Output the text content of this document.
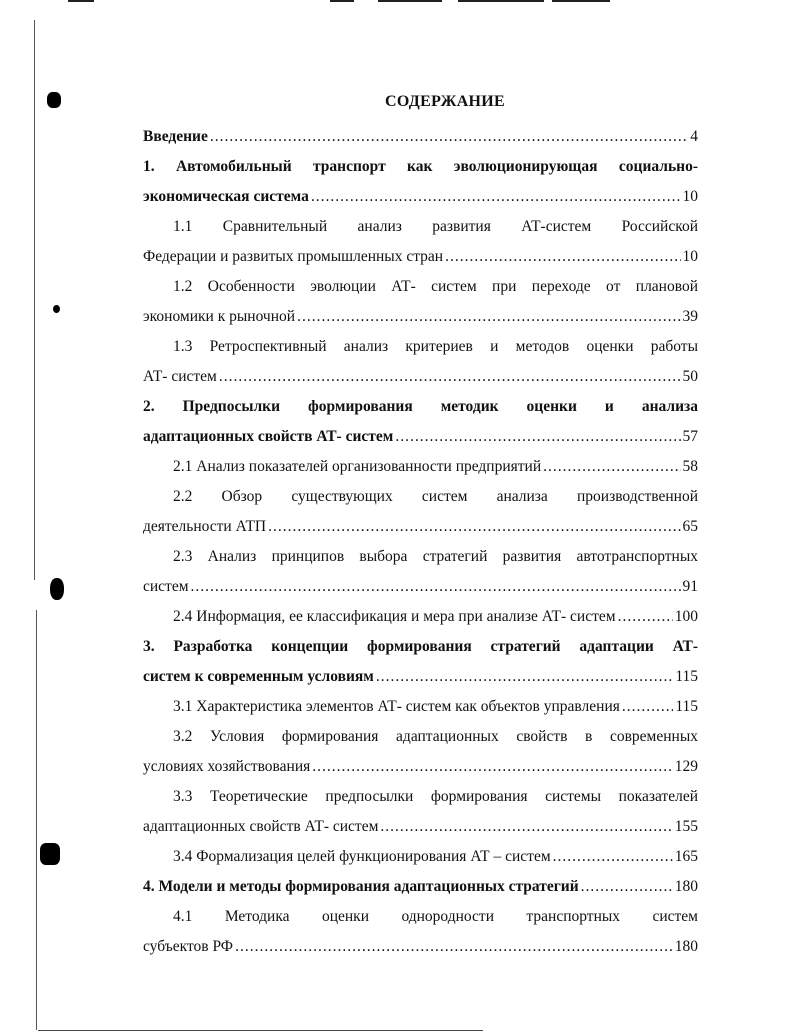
СОДЕРЖАНИЕ
Введение .....	4
1. Автомобильный транспорт как эволюционирующая социально-
экономическая система .....	10
1.1 Сравнительный анализ развития АТ-систем Российской
Федерации и развитых промышленных стран .....	10
1.2 Особенности эволюции АТ- систем при переходе от плановой
экономики к рыночной .....	39
1.3 Ретроспективный анализ критериев и методов оценки работы
АТ- систем .....	50
2. Предпосылки формирования методик оценки и анализа
адаптационных свойств АТ- систем .....	57
2.1 Анализ показателей организованности предприятий .....	58
2.2 Обзор существующих систем анализа производственной
деятельности АТП .....	65
2.3 Анализ принципов выбора стратегий развития автотранспортных
систем .....	91
2.4 Информация, ее классификация и мера при анализе АТ- систем .....	100
3. Разработка концепции формирования стратегий адаптации АТ-
систем к современным условиям .....	115
3.1 Характеристика элементов АТ- систем как объектов управления .....	115
3.2 Условия формирования адаптационных свойств в современных
условиях хозяйствования .....	129
3.3 Теоретические предпосылки формирования системы показателей
адаптационных свойств АТ- систем .....	155
3.4 Формализация целей функционирования АТ – систем .....	165
4. Модели и методы формирования адаптационных стратегий .....	180
4.1 Методика оценки однородности транспортных систем
субъектов РФ .....	180
